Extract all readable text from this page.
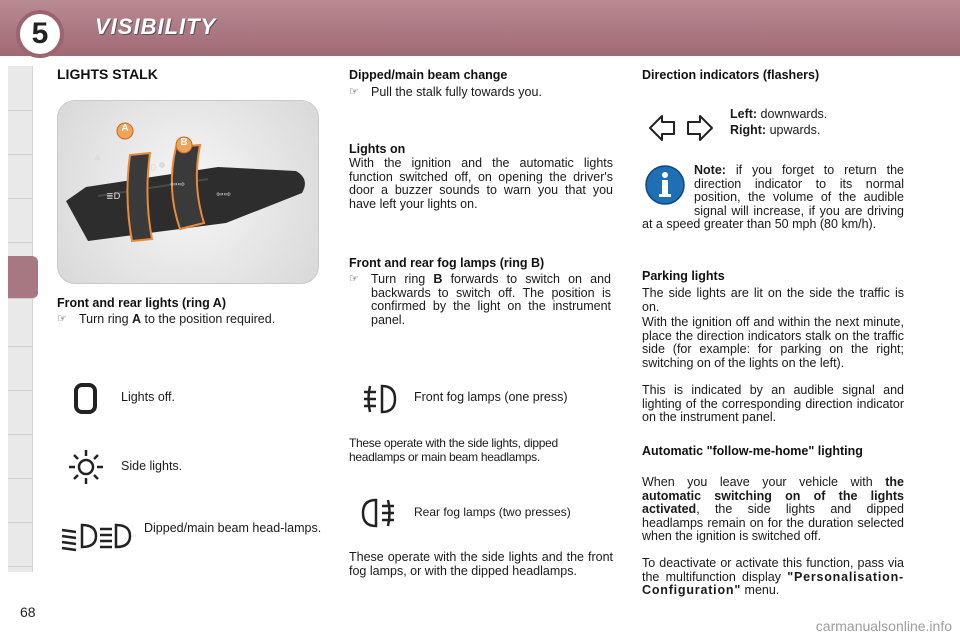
5	VISIBILITY
LIGHTS STALK
▲
0
≣D
⇦⇨
⇦⇨
A
B
Front and rear lights (ring A)
☞ Turn ring A to the position required.
Lights off.
Side lights.
Dipped/main beam head-lamps.
Dipped/main beam change
☞ Pull the stalk fully towards you.
Lights on
With the ignition and the automatic lights function switched off, on opening the driver's door a buzzer sounds to warn you that you have left your lights on.
Front and rear fog lamps (ring B)
☞ Turn ring B forwards to switch on and backwards to switch off. The position is confirmed by the light on the instrument panel.
Front fog lamps (one press)
These operate with the side lights, dipped headlamps or main beam headlamps.
Rear fog lamps (two presses)
These operate with the side lights and the front fog lamps, or with the dipped headlamps.
Direction indicators (flashers)
Left: downwards.
Right: upwards.
Note: if you forget to return the direction indicator to its normal position, the volume of the audible signal will increase, if you are driving at a speed greater than 50 mph (80 km/h).
Parking lights
The side lights are lit on the side the traffic is on.
With the ignition off and within the next minute, place the direction indicators stalk on the traffic side (for example: for parking on the right; switching on of the lights on the left).
This is indicated by an audible signal and lighting of the corresponding direction indicator on the instrument panel.
Automatic "follow-me-home" lighting
When you leave your vehicle with the automatic switching on of the lights activated, the side lights and dipped headlamps remain on for the duration selected when the ignition is switched off.
To deactivate or activate this function, pass via the multifunction display "Personalisation-Configuration" menu.
68
carmanualsonline.info
